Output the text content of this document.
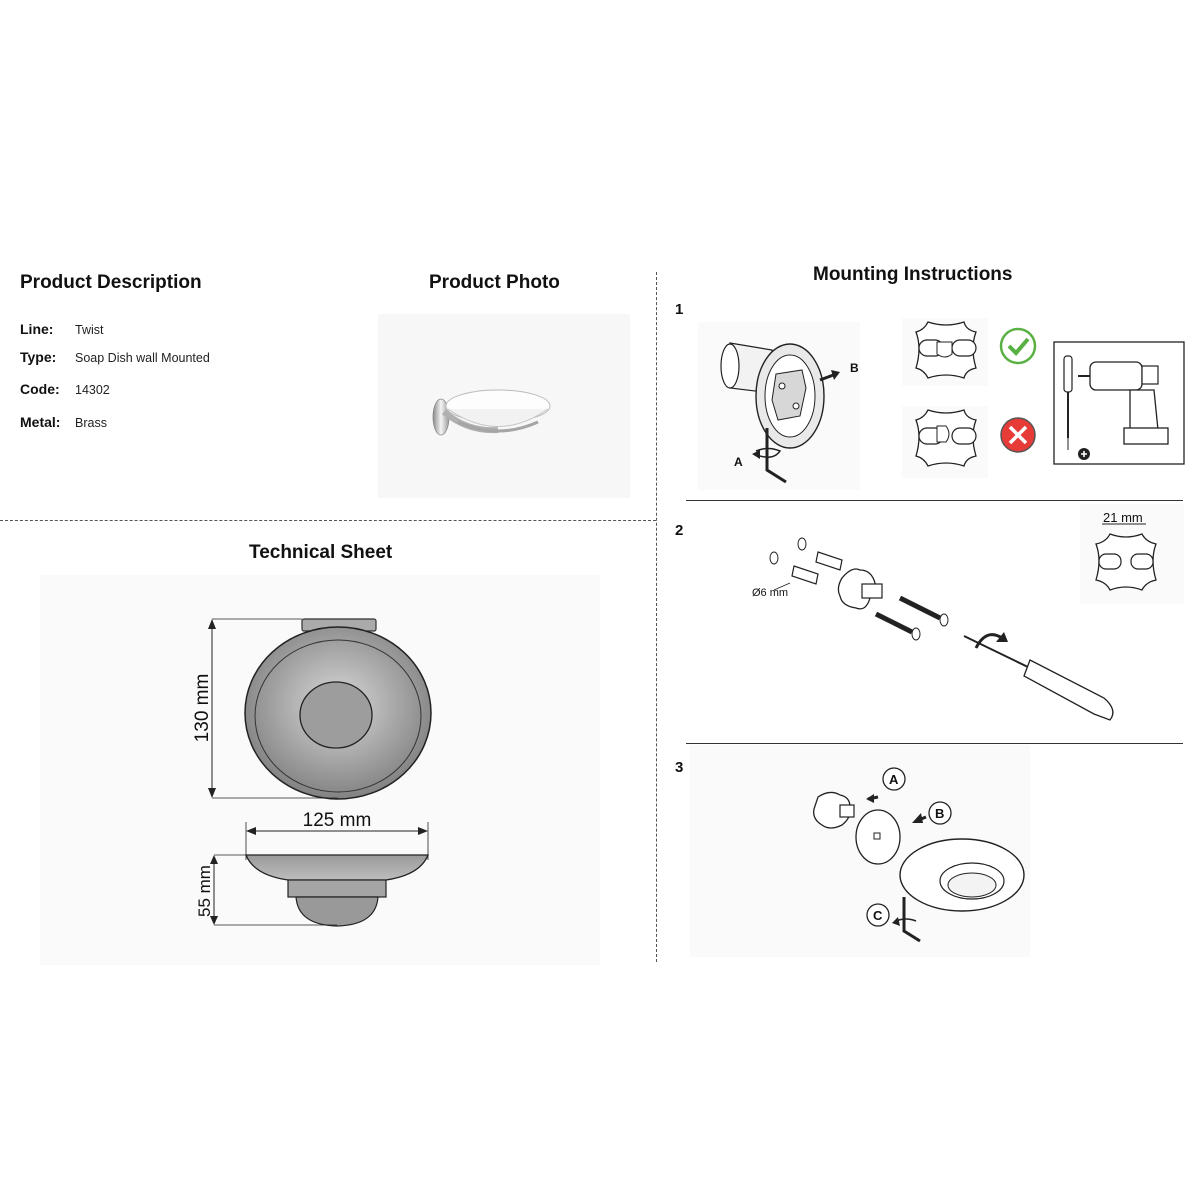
Product Description
Line: Twist
Type: Soap Dish wall Mounted
Code: 14302
Metal: Brass
Product Photo
Technical Sheet
130 mm
125 mm
55 mm
Mounting Instructions
1
2
3
A
B
Ø6 mm
21 mm
A
B
C
